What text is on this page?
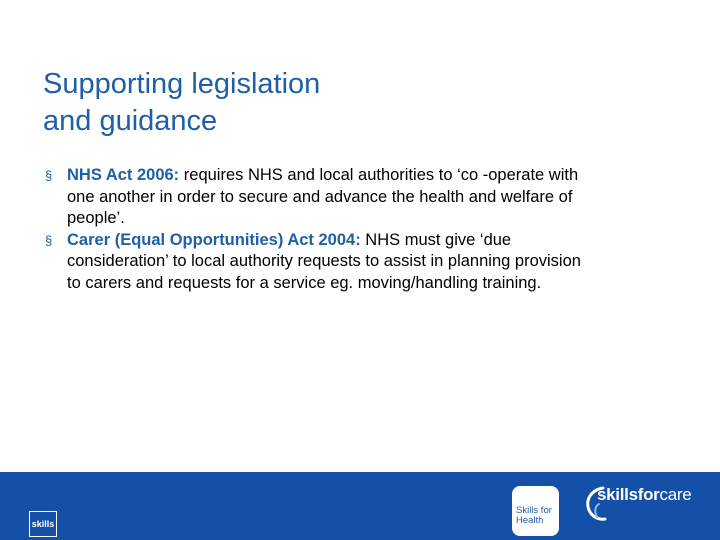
Supporting legislation
and guidance
§ NHS Act 2006: requires NHS and local authorities to ‘co -operate with one another in order to secure and advance the health and welfare of people’.
§ Carer (Equal Opportunities) Act 2004: NHS must give ‘due consideration’ to local authority requests to assist in planning provision to carers and requests for a service eg. moving/handling training.
skills
Skills for
Health
skillsforcare
